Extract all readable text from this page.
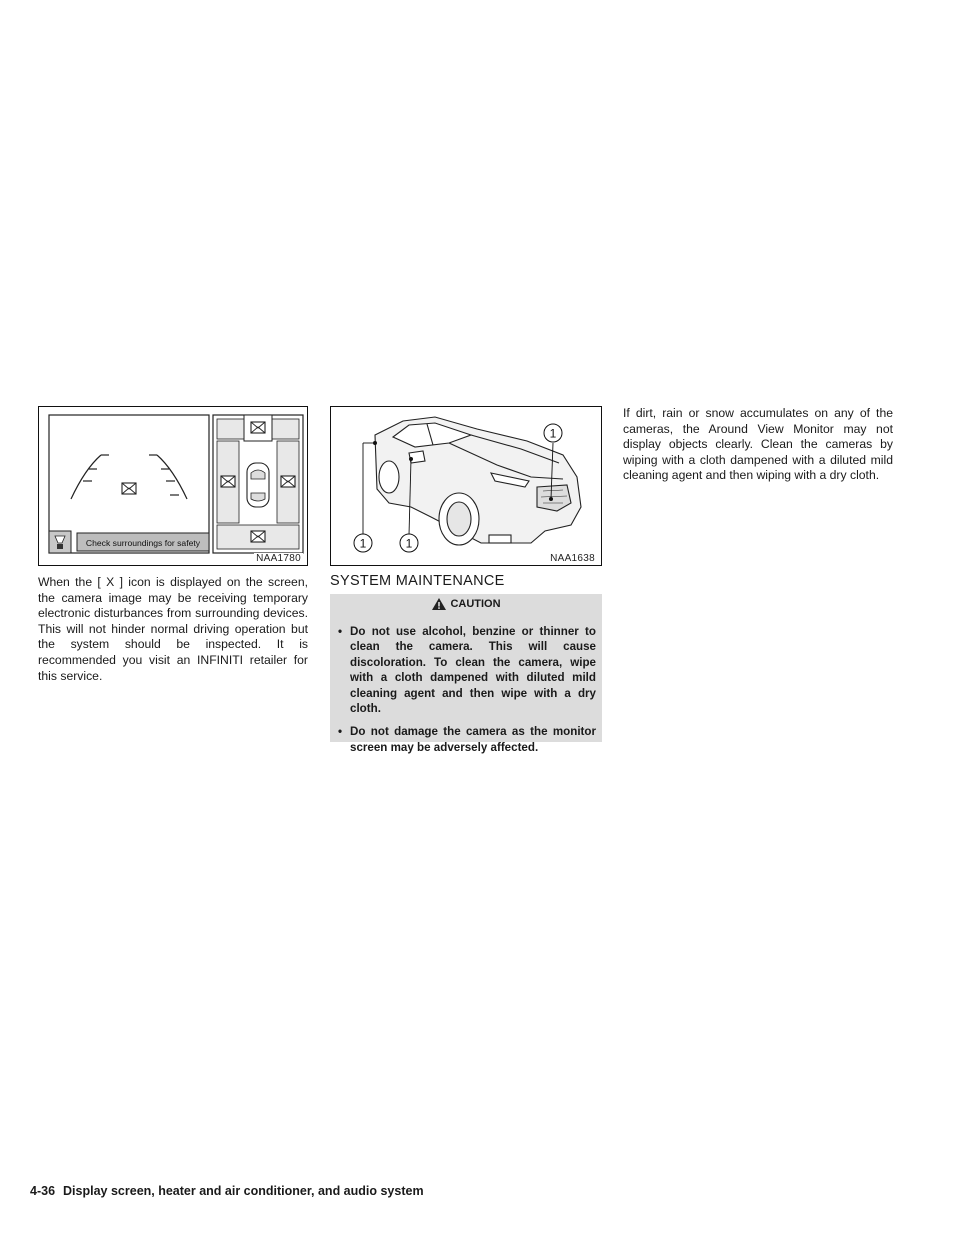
Check surroundings for safety
NAA1780
1
1	1
NAA1638
When the [ X ] icon is displayed on the screen, the camera image may be receiving temporary electronic disturbances from surrounding devices. This will not hinder normal driving operation but the system should be inspected. It is recommended you visit an INFINITI retailer for this service.
SYSTEM MAINTENANCE
CAUTION
• Do not use alcohol, benzine or thinner to clean the camera. This will cause discoloration. To clean the camera, wipe with a cloth dampened with diluted mild cleaning agent and then wipe with a dry cloth.
• Do not damage the camera as the monitor screen may be adversely affected.
If dirt, rain or snow accumulates on any of the cameras, the Around View Monitor may not display objects clearly. Clean the cameras by wiping with a cloth dampened with a diluted mild cleaning agent and then wiping with a dry cloth.
4-36 Display screen, heater and air conditioner, and audio system
